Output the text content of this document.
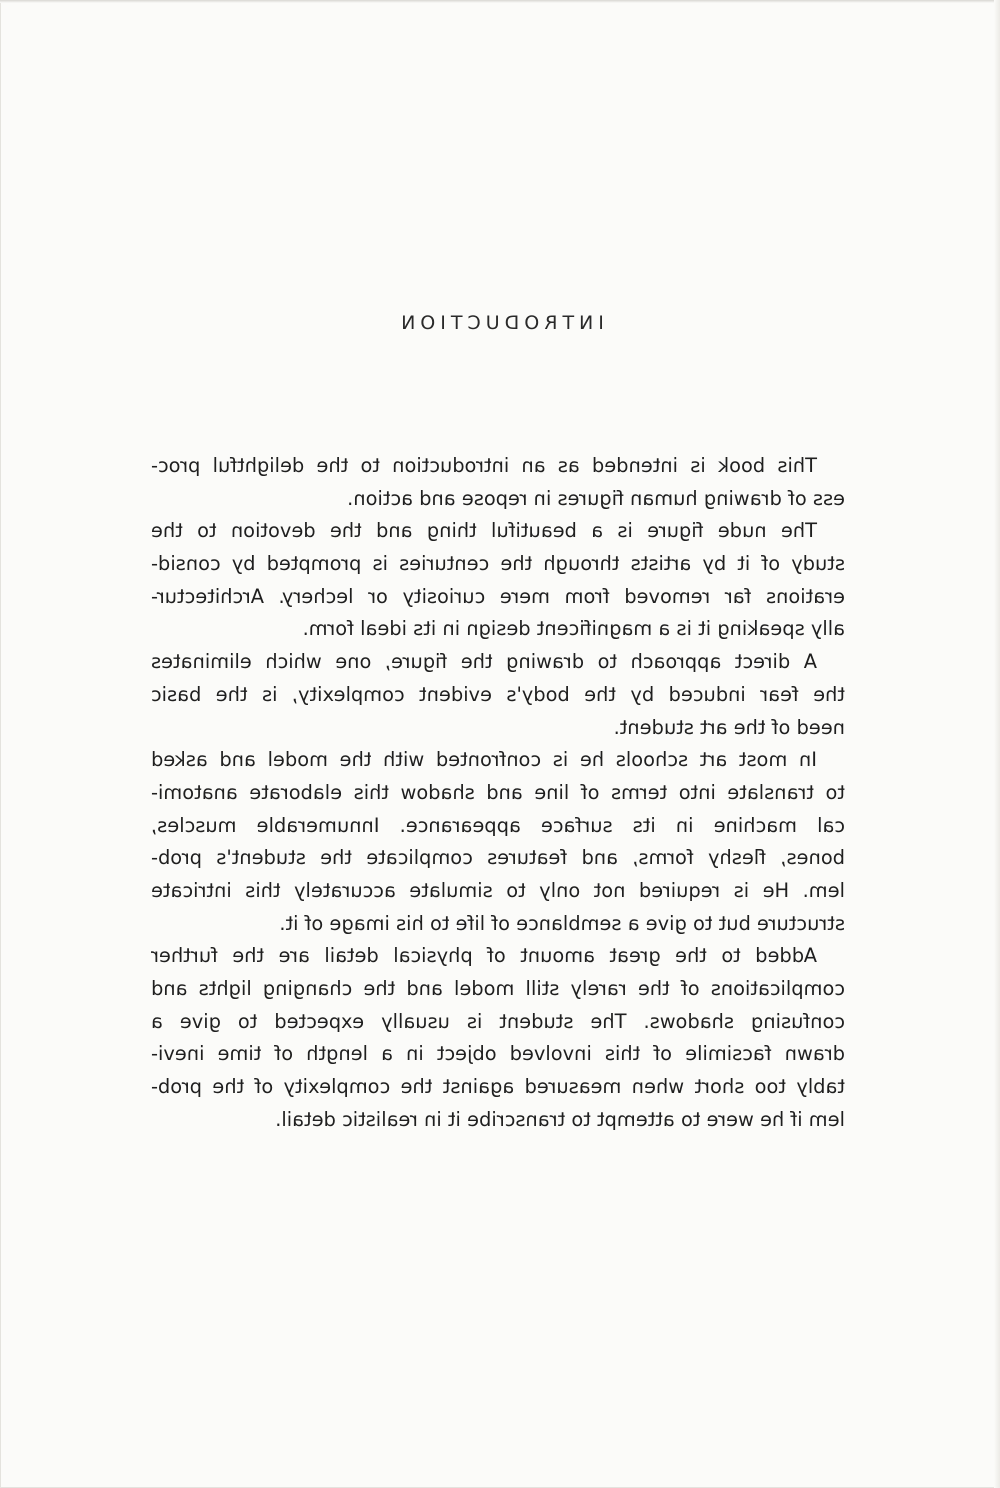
INTRODUCTION
This book is intended as an introduction to the delightful proc-
ess of drawing human figures in repose and action.
The nude figure is a beautiful thing and the devotion to the
study of it by artists through the centuries is prompted by consid-
erations far removed from mere curiosity or lechery. Architectur-
ally speaking it is a magnificent design in its ideal form.
A direct approach to drawing the figure, one which eliminates
the fear induced by the body's evident complexity, is the basic
need of the art student.
In most art schools he is confronted with the model and asked
to translate into terms of line and shadow this elaborate anatomi-
cal machine in its surface appearance. Innumerable muscles,
bones, fleshy forms, and features complicate the student's prob-
lem. He is required not only to simulate accurately this intricate
structure but to give a semblance of life to his image of it.
Added to the great amount of physical detail are the further
complications of the rarely still model and the changing lights and
confusing shadows. The student is usually expected to give a
drawn facsimile of this involved object in a length of time inevi-
tably too short when measured against the complexity of the prob-
lem if he were to attempt to transcribe it in realistic detail.
